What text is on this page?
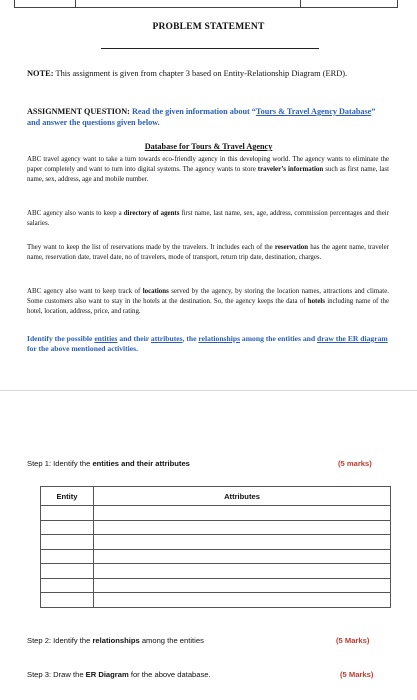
PROBLEM STATEMENT
NOTE: This assignment is given from chapter 3 based on Entity-Relationship Diagram (ERD).
ASSIGNMENT QUESTION: Read the given information about “Tours & Travel Agency Database” and answer the questions given below.
Database for Tours & Travel Agency
ABC travel agency want to take a turn towards eco-friendly agency in this developing world. The agency wants to eliminate the paper completely and want to turn into digital systems. The agency wants to store traveler’s information such as first name, last name, sex, address, age and mobile number.
ABC agency also wants to keep a directory of agents first name, last name, sex, age, address, commission percentages and their salaries.
They want to keep the list of reservations made by the travelers. It includes each of the reservation has the agent name, traveler name, reservation date, travel date, no of travelers, mode of transport, return trip date, destination, charges.
ABC agency also want to keep track of locations served by the agency, by storing the location names, attractions and climate. Some customers also want to stay in the hotels at the destination. So, the agency keeps the data of hotels including name of the hotel, location, address, price, and rating.
Identify the possible entities and their attributes, the relationships among the entities and draw the ER diagram for the above mentioned activities.
Step 1: Identify the entities and their attributes	(5 marks)
Entity	Attributes

Step 2: Identify the relationships among the entities	(5 Marks)
Step 3: Draw the ER Diagram for the above database.	(5 Marks)
